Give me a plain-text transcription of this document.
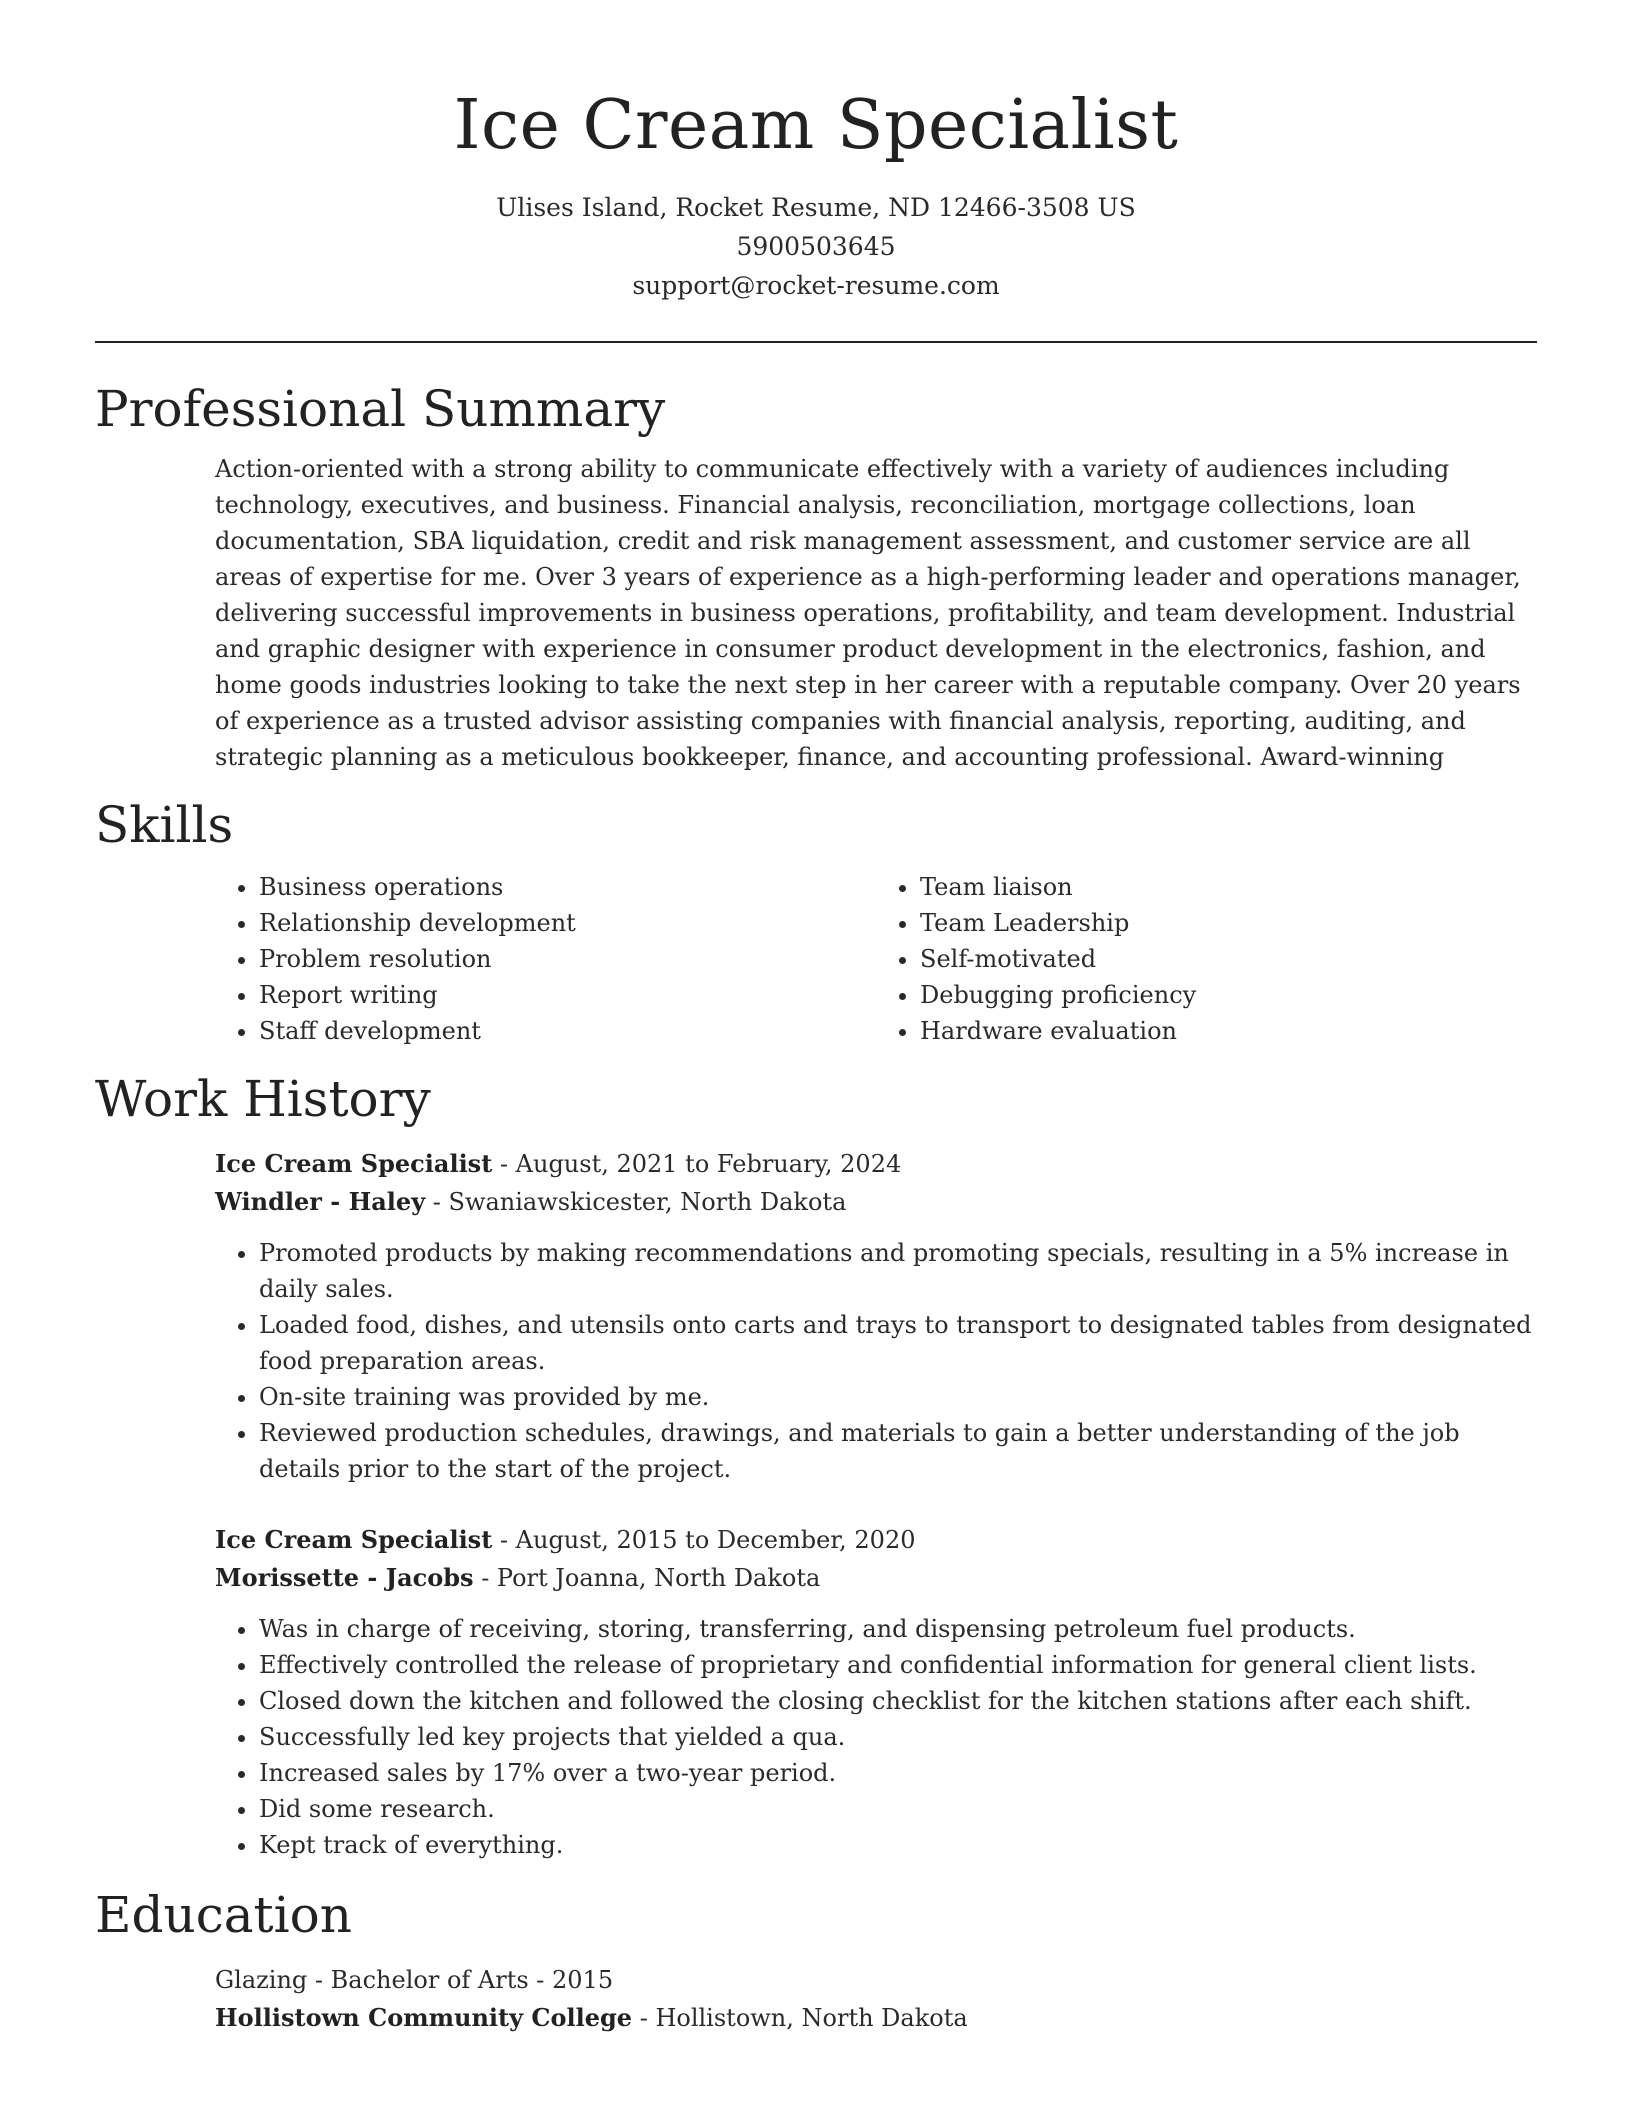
Ice Cream Specialist
Ulises Island, Rocket Resume, ND 12466-3508 US
5900503645
support@rocket-resume.com
Professional Summary
Action-oriented with a strong ability to communicate effectively with a variety of audiences including technology, executives, and business. Financial analysis, reconciliation, mortgage collections, loan documentation, SBA liquidation, credit and risk management assessment, and customer service are all areas of expertise for me. Over 3 years of experience as a high-performing leader and operations manager, delivering successful improvements in business operations, profitability, and team development. Industrial and graphic designer with experience in consumer product development in the electronics, fashion, and home goods industries looking to take the next step in her career with a reputable company. Over 20 years of experience as a trusted advisor assisting companies with financial analysis, reporting, auditing, and strategic planning as a meticulous bookkeeper, finance, and accounting professional. Award-winning
Skills
• Business operations
• Relationship development
• Problem resolution
• Report writing
• Staff development
• Team liaison
• Team Leadership
• Self-motivated
• Debugging proficiency
• Hardware evaluation
Work History
Ice Cream Specialist - August, 2021 to February, 2024
Windler - Haley - Swaniawskicester, North Dakota
• Promoted products by making recommendations and promoting specials, resulting in a 5% increase in daily sales.
• Loaded food, dishes, and utensils onto carts and trays to transport to designated tables from designated food preparation areas.
• On-site training was provided by me.
• Reviewed production schedules, drawings, and materials to gain a better understanding of the job details prior to the start of the project.
Ice Cream Specialist - August, 2015 to December, 2020
Morissette - Jacobs - Port Joanna, North Dakota
• Was in charge of receiving, storing, transferring, and dispensing petroleum fuel products.
• Effectively controlled the release of proprietary and confidential information for general client lists.
• Closed down the kitchen and followed the closing checklist for the kitchen stations after each shift.
• Successfully led key projects that yielded a qua.
• Increased sales by 17% over a two-year period.
• Did some research.
• Kept track of everything.
Education
Glazing - Bachelor of Arts - 2015
Hollistown Community College - Hollistown, North Dakota
